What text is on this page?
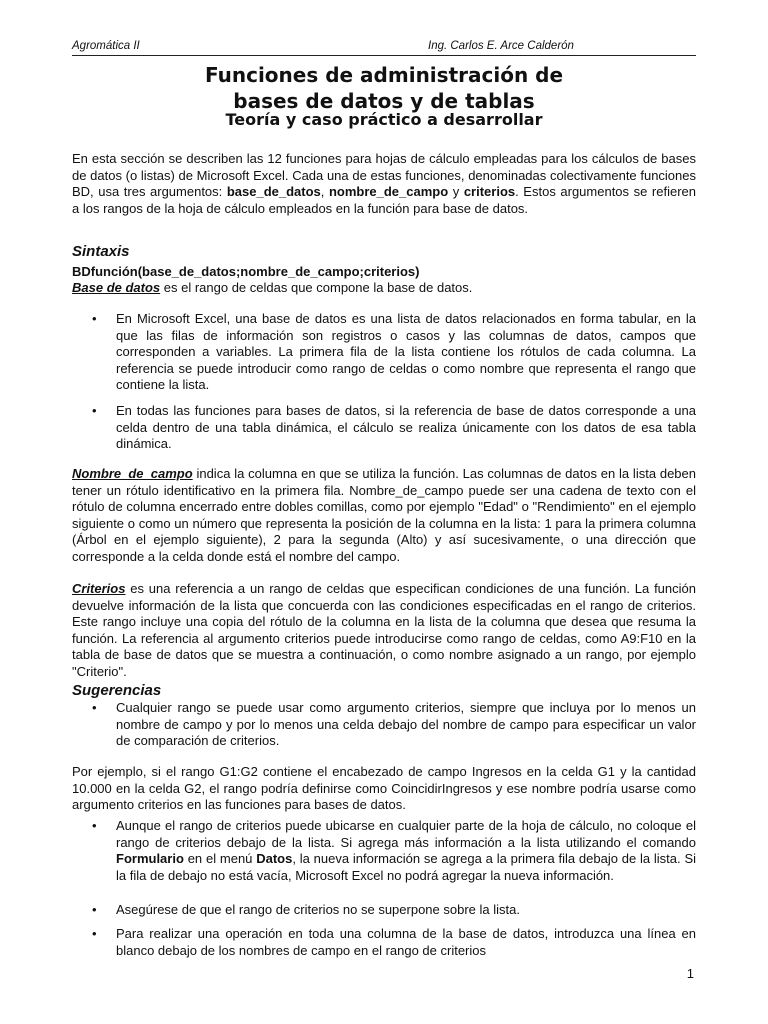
Agromática II	Ing. Carlos E. Arce Calderón
Funciones de administración de
bases de datos y de tablas
Teoría y caso práctico a desarrollar
En esta sección se describen las 12 funciones para hojas de cálculo empleadas para los cálculos de bases de datos (o listas) de Microsoft Excel. Cada una de estas funciones, denominadas colectivamente funciones BD, usa tres argumentos: base_de_datos, nombre_de_campo y criterios. Estos argumentos se refieren a los rangos de la hoja de cálculo empleados en la función para base de datos.
Sintaxis
BDfunción(base_de_datos;nombre_de_campo;criterios)
Base de datos es el rango de celdas que compone la base de datos.
• En Microsoft Excel, una base de datos es una lista de datos relacionados en forma tabular, en la que las filas de información son registros o casos y las columnas de datos, campos que corresponden a variables. La primera fila de la lista contiene los rótulos de cada columna. La referencia se puede introducir como rango de celdas o como nombre que representa el rango que contiene la lista.
• En todas las funciones para bases de datos, si la referencia de base de datos corresponde a una celda dentro de una tabla dinámica, el cálculo se realiza únicamente con los datos de esa tabla dinámica.
Nombre_de_campo indica la columna en que se utiliza la función. Las columnas de datos en la lista deben tener un rótulo identificativo en la primera fila. Nombre_de_campo puede ser una cadena de texto con el rótulo de columna encerrado entre dobles comillas, como por ejemplo "Edad" o "Rendimiento" en el ejemplo siguiente o como un número que representa la posición de la columna en la lista: 1 para la primera columna (Árbol en el ejemplo siguiente), 2 para la segunda (Alto) y así sucesivamente, o una dirección que corresponde a la celda donde está el nombre del campo.
Criterios es una referencia a un rango de celdas que especifican condiciones de una función. La función devuelve información de la lista que concuerda con las condiciones especificadas en el rango de criterios. Este rango incluye una copia del rótulo de la columna en la lista de la columna que desea que resuma la función. La referencia al argumento criterios puede introducirse como rango de celdas, como A9:F10 en la tabla de base de datos que se muestra a continuación, o como nombre asignado a un rango, por ejemplo "Criterio".
Sugerencias
• Cualquier rango se puede usar como argumento criterios, siempre que incluya por lo menos un nombre de campo y por lo menos una celda debajo del nombre de campo para especificar un valor de comparación de criterios.
Por ejemplo, si el rango G1:G2 contiene el encabezado de campo Ingresos en la celda G1 y la cantidad 10.000 en la celda G2, el rango podría definirse como CoincidirIngresos y ese nombre podría usarse como argumento criterios en las funciones para bases de datos.
• Aunque el rango de criterios puede ubicarse en cualquier parte de la hoja de cálculo, no coloque el rango de criterios debajo de la lista. Si agrega más información a la lista utilizando el comando Formulario en el menú Datos, la nueva información se agrega a la primera fila debajo de la lista. Si la fila de debajo no está vacía, Microsoft Excel no podrá agregar la nueva información.
• Asegúrese de que el rango de criterios no se superpone sobre la lista.
• Para realizar una operación en toda una columna de la base de datos, introduzca una línea en blanco debajo de los nombres de campo en el rango de criterios
1
